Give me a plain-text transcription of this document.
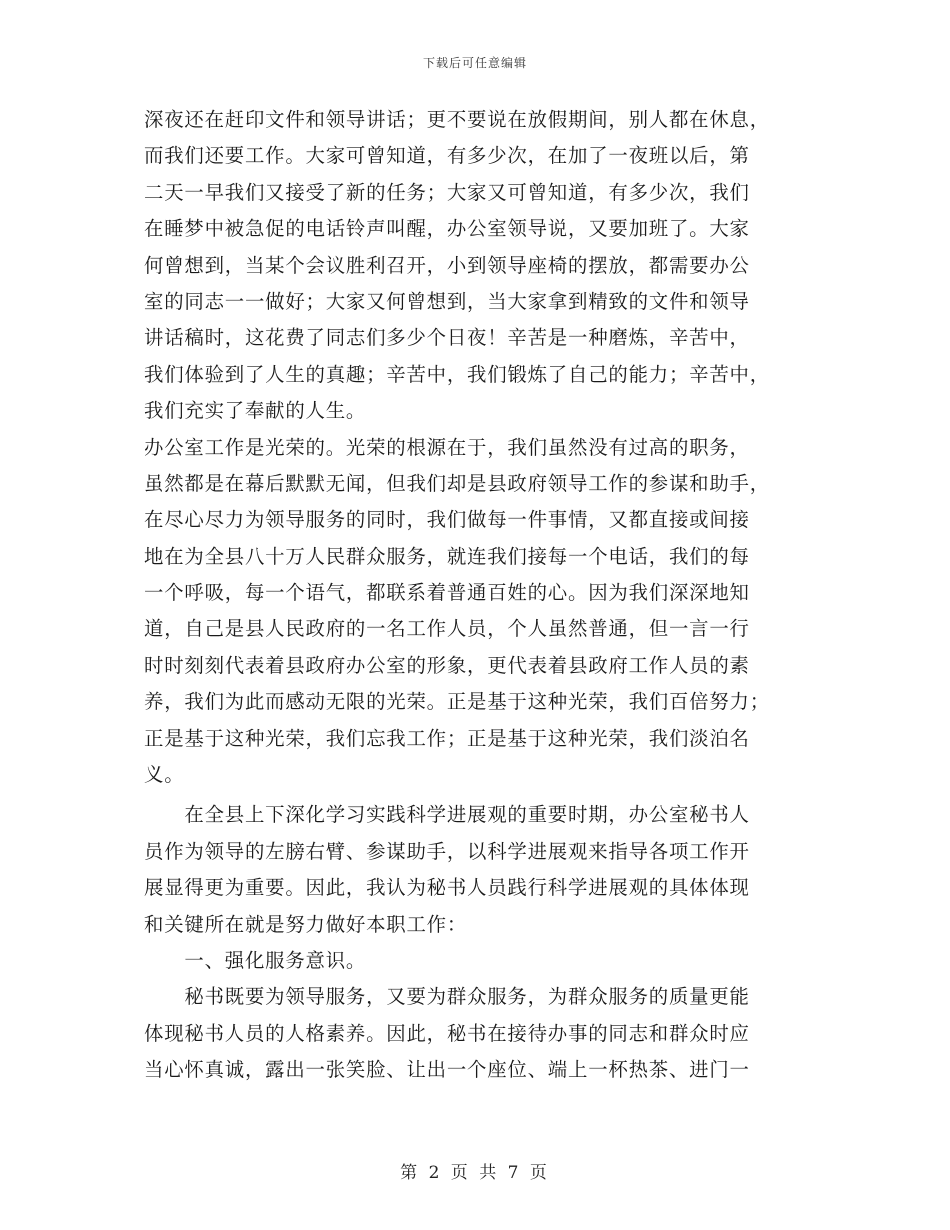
下载后可任意编辑
深夜还在赶印文件和领导讲话；更不要说在放假期间，别人都在休息，
而我们还要工作。大家可曾知道，有多少次，在加了一夜班以后，第
二天一早我们又接受了新的任务；大家又可曾知道，有多少次，我们
在睡梦中被急促的电话铃声叫醒，办公室领导说，又要加班了。大家
何曾想到，当某个会议胜利召开，小到领导座椅的摆放，都需要办公
室的同志一一做好；大家又何曾想到，当大家拿到精致的文件和领导
讲话稿时，这花费了同志们多少个日夜！辛苦是一种磨炼，辛苦中，
我们体验到了人生的真趣；辛苦中，我们锻炼了自己的能力；辛苦中，
我们充实了奉献的人生。
办公室工作是光荣的。光荣的根源在于，我们虽然没有过高的职务，
虽然都是在幕后默默无闻，但我们却是县政府领导工作的参谋和助手，
在尽心尽力为领导服务的同时，我们做每一件事情，又都直接或间接
地在为全县八十万人民群众服务，就连我们接每一个电话，我们的每
一个呼吸，每一个语气，都联系着普通百姓的心。因为我们深深地知
道，自己是县人民政府的一名工作人员，个人虽然普通，但一言一行
时时刻刻代表着县政府办公室的形象，更代表着县政府工作人员的素
养，我们为此而感动无限的光荣。正是基于这种光荣，我们百倍努力；
正是基于这种光荣，我们忘我工作；正是基于这种光荣，我们淡泊名
义。
　　在全县上下深化学习实践科学进展观的重要时期，办公室秘书人
员作为领导的左膀右臂、参谋助手，以科学进展观来指导各项工作开
展显得更为重要。因此，我认为秘书人员践行科学进展观的具体体现
和关键所在就是努力做好本职工作：
　　一、强化服务意识。
　　秘书既要为领导服务，又要为群众服务，为群众服务的质量更能
体现秘书人员的人格素养。因此，秘书在接待办事的同志和群众时应
当心怀真诚，露出一张笑脸、让出一个座位、端上一杯热茶、进门一
第 2 页 共 7 页
